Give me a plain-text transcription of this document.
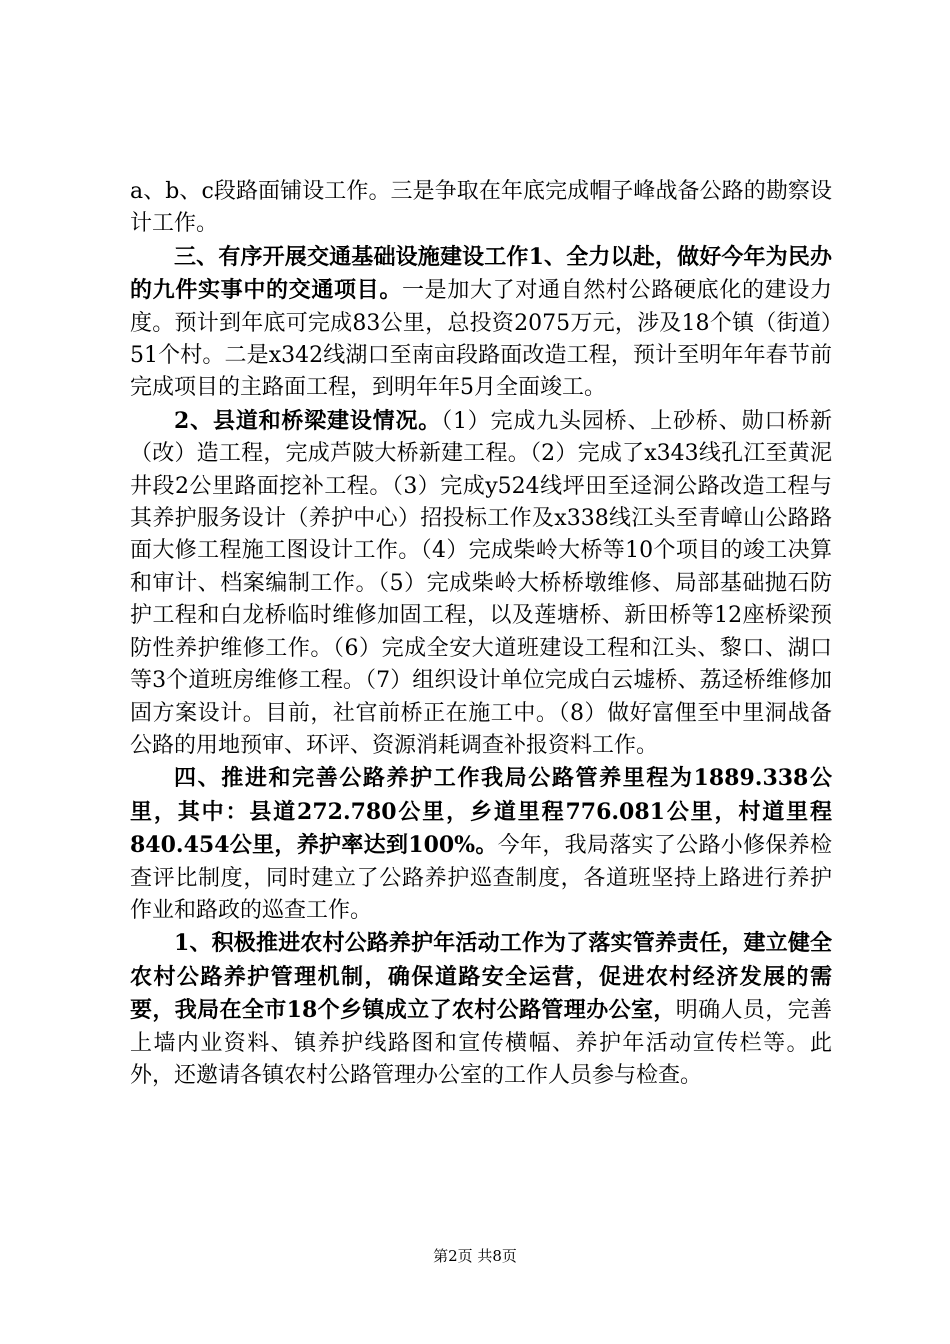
a、b、c段路面铺设工作。三是争取在年底完成帽子峰战备公路的勘察设计工作。

三、有序开展交通基础设施建设工作1、全力以赴，做好今年为民办的九件实事中的交通项目。一是加大了对通自然村公路硬底化的建设力度。预计到年底可完成83公里，总投资2075万元，涉及18个镇（街道）51个村。二是x342线湖口至南亩段路面改造工程，预计至明年年春节前完成项目的主路面工程，到明年年5月全面竣工。

2、县道和桥梁建设情况。（1）完成九头园桥、上砂桥、勋口桥新（改）造工程，完成芦陂大桥新建工程。（2）完成了x343线孔江至黄泥井段2公里路面挖补工程。（3）完成y524线坪田至迳洞公路改造工程与其养护服务设计（养护中心）招投标工作及x338线江头至青嶂山公路路面大修工程施工图设计工作。（4）完成柴岭大桥等10个项目的竣工决算和审计、档案编制工作。（5）完成柴岭大桥桥墩维修、局部基础抛石防护工程和白龙桥临时维修加固工程，以及莲塘桥、新田桥等12座桥梁预防性养护维修工作。（6）完成全安大道班建设工程和江头、黎口、湖口等3个道班房维修工程。（7）组织设计单位完成白云墟桥、荔迳桥维修加固方案设计。目前，社官前桥正在施工中。（8）做好富俚至中里洞战备公路的用地预审、环评、资源消耗调查补报资料工作。

四、推进和完善公路养护工作我局公路管养里程为1889.338公里，其中：县道272.780公里，乡道里程776.081公里，村道里程840.454公里，养护率达到100%。今年，我局落实了公路小修保养检查评比制度，同时建立了公路养护巡查制度，各道班坚持上路进行养护作业和路政的巡查工作。

1、积极推进农村公路养护年活动工作为了落实管养责任，建立健全农村公路养护管理机制，确保道路安全运营，促进农村经济发展的需要，我局在全市18个乡镇成立了农村公路管理办公室，明确人员，完善上墙内业资料、镇养护线路图和宣传横幅、养护年活动宣传栏等。此外，还邀请各镇农村公路管理办公室的工作人员参与检查。

第2页 共8页
